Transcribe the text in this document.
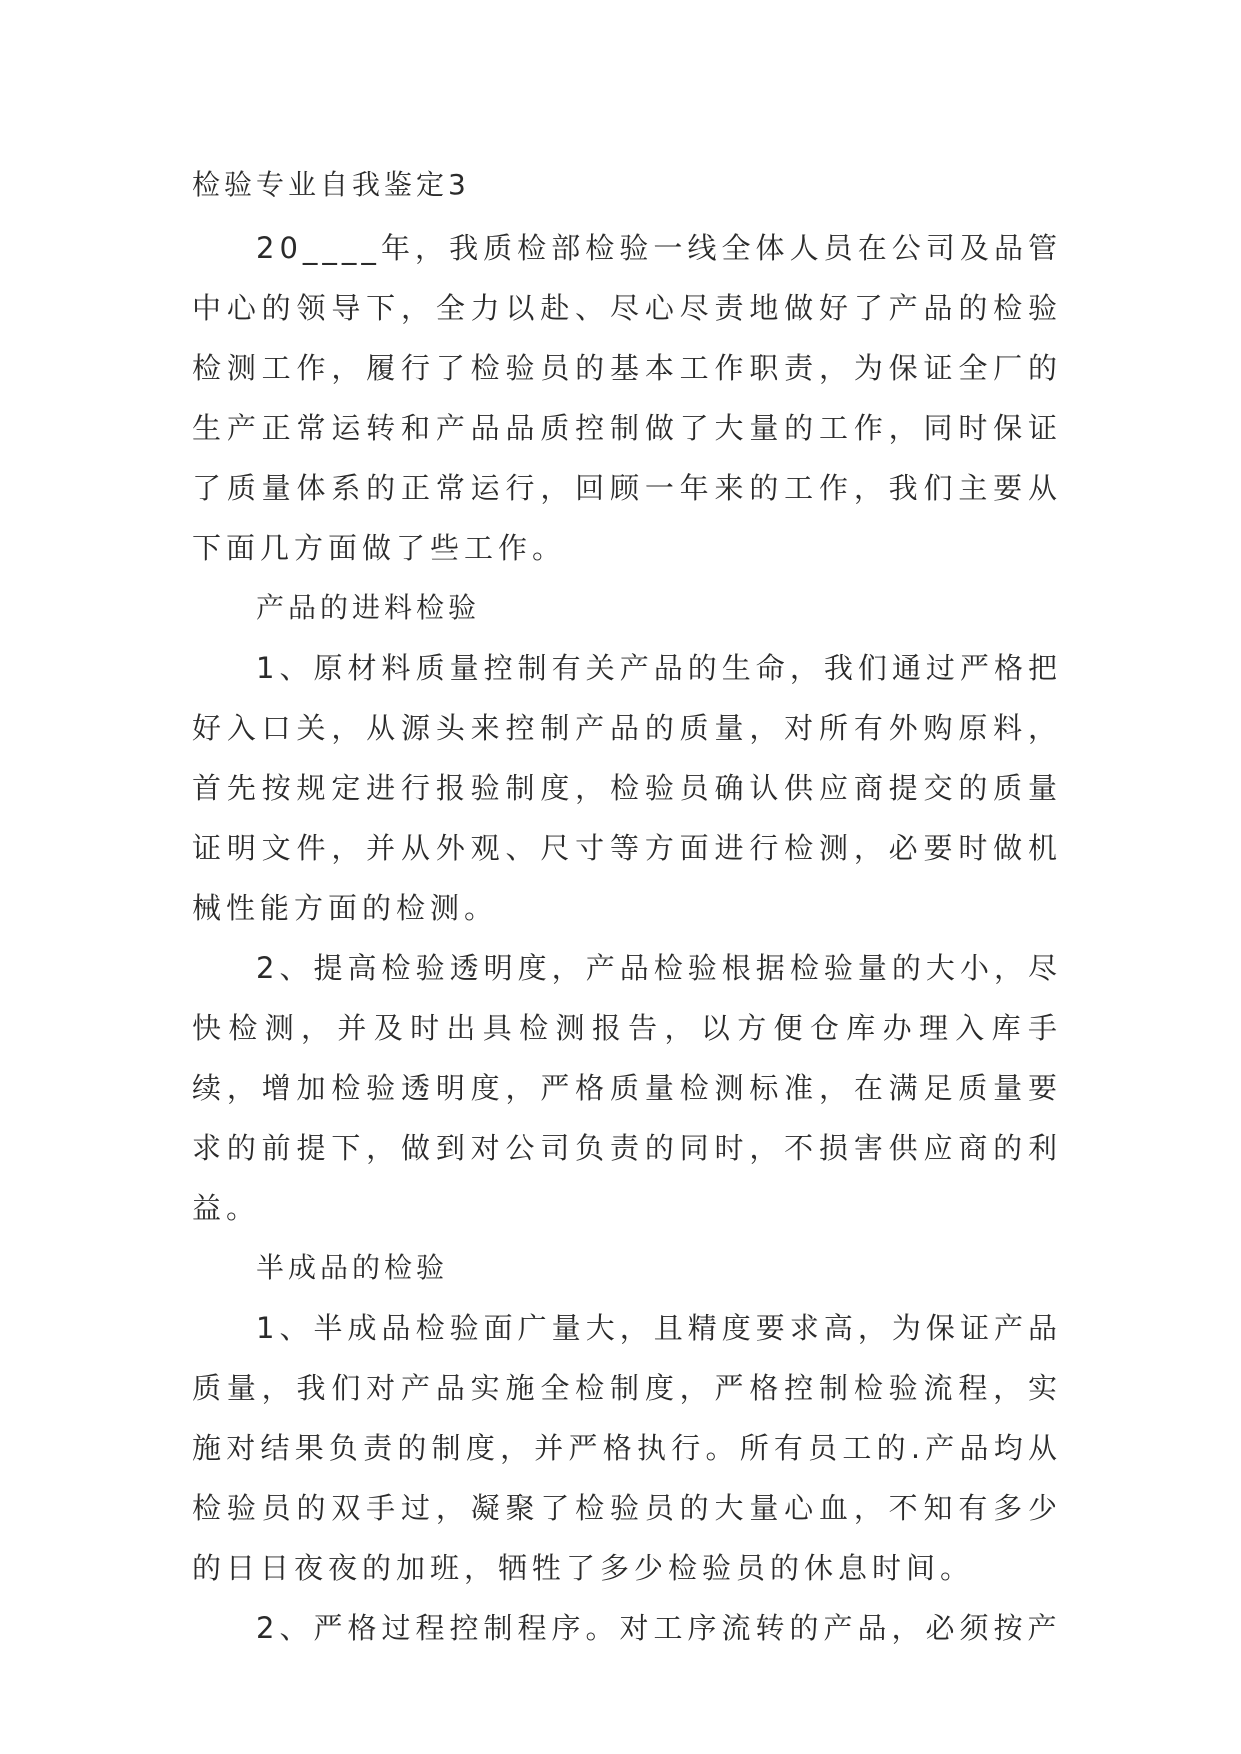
检验专业自我鉴定3

20____年，我质检部检验一线全体人员在公司及品管中心的领导下，全力以赴、尽心尽责地做好了产品的检验检测工作，履行了检验员的基本工作职责，为保证全厂的生产正常运转和产品品质控制做了大量的工作，同时保证了质量体系的正常运行，回顾一年来的工作，我们主要从下面几方面做了些工作。

产品的进料检验

1、原材料质量控制有关产品的生命，我们通过严格把好入口关，从源头来控制产品的质量，对所有外购原料，首先按规定进行报验制度，检验员确认供应商提交的质量证明文件，并从外观、尺寸等方面进行检测，必要时做机械性能方面的检测。

2、提高检验透明度，产品检验根据检验量的大小，尽快检测，并及时出具检测报告，以方便仓库办理入库手续，增加检验透明度，严格质量检测标准，在满足质量要求的前提下，做到对公司负责的同时，不损害供应商的利益。

半成品的检验

1、半成品检验面广量大，且精度要求高，为保证产品质量，我们对产品实施全检制度，严格控制检验流程，实施对结果负责的制度，并严格执行。所有员工的.产品均从检验员的双手过，凝聚了检验员的大量心血，不知有多少的日日夜夜的加班，牺牲了多少检验员的休息时间。

2、严格过程控制程序。对工序流转的产品，必须按产
